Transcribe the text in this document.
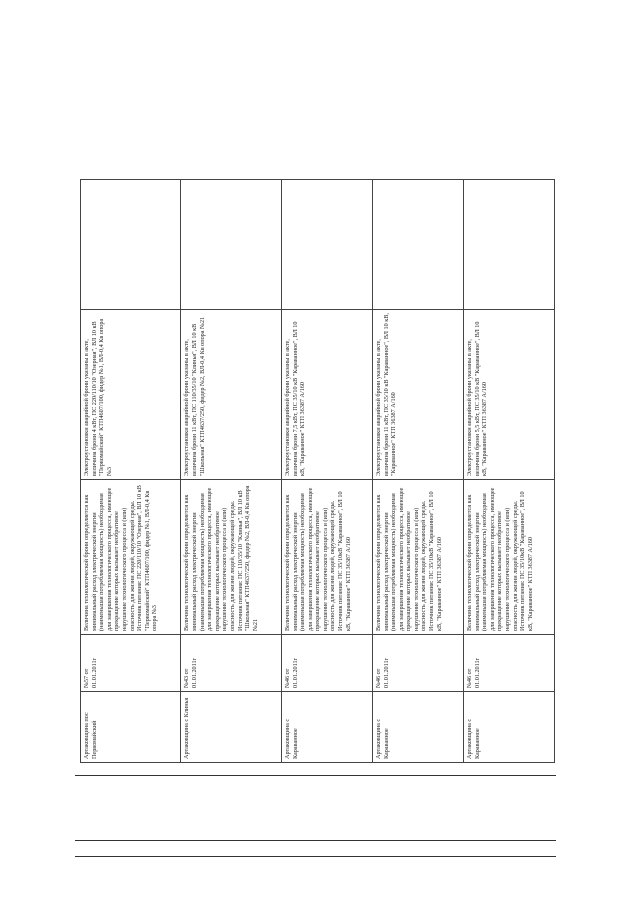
Артаковщина пос Первомайский	№57 от 01.01.2011г	Величина технологической брони определяется как минимальный расход электрической энергии (наименьшая потребляемая мощность) необходимая для завершения технологического процесса, имеющее прекращение которых вызывает необратимое нарушение технологического процесса и (или) опасность для жизни людей, окружающей среды. Источник питания: ПС 220/110/10 "Озерная", ВЛ 10 кВ "Первомайский" КТП4607/100, фидер №1, ВЛ-0,4 Кв опора №3	Электроустановки аварийной брони указаны в акте, величина брони 4 кВт, ПС 220/110/10 "Озерная", ВЛ 10 кВ "Первомайский" КТП4607/100, фидер №1, ВЛ-0,4 Кв опора №3	
Артаковщина с Клинья	№43 от 01.01.2011г	Величина технологической брони определяется как минимальный расход электрической энергии (наименьшая потребляемая мощность) необходимая для завершения технологического процесса, имеющее прекращение которых вызывает необратимое нарушение технологического процесса и (или) опасность для жизни людей, окружающей среды. Источник питания: ПС 110/35/10 "Клинья", ВЛ 10 кВ "Школьная" КТП4637/250, фидер №2, ВЛ-0,4 Кв опора №21	Электроустановки аварийной брони указаны в акте, величина брони 11 кВт, ПС 110/35/10 "Клинья", ВЛ 10 кВ "Школьная" КТП4637/250, фидер №2, ВЛ-0,4 Кв опора №21	
Артаковщина с Караванное	№46 от 01.01.2011г	Величина технологической брони определяется как минимальный расход электрической энергии (наименьшая потребляемая мощность) необходимая для завершения технологического процесса, имеющее прекращение которых вызывает необратимое нарушение технологического процесса и (или) опасность для жизни людей, окружающей среды. Источник питания: ПС 35/10кВ "Караванное", ВЛ 10 кВ, "Караванное" КТП 36387 А/160	Электроустановки аварийной брони указаны в акте, величина брони 7,5 кВт, ПС 35/10 кВ "Караванное", ВЛ 10 кВ, "Караванное" КТП 36387 А/160	
Артаковщина с Караванное	№46 от 01.01.2011г	Величина технологической брони определяется как минимальный расход электрической энергии (наименьшая потребляемая мощность) необходимая для завершения технологического процесса, имеющее прекращение которых вызывает необратимое нарушение технологического процесса и (или) опасность для жизни людей, окружающей среды. Источник питания: ПС 35/10кВ "Караванное", ВЛ 10 кВ, "Караванное" КТП 36387 А/160	Электроустановки аварийной брони указаны в акте, величина брони 11 кВт, ПС 35/10 кВ "Караванное", ВЛ 10 кВ, "Караванное" КТП 36387 А/160	
Артаковщина с Караванное	№46 от 01.01.2011г	Величина технологической брони определяется как минимальный расход электрической энергии (наименьшая потребляемая мощность) необходимая для завершения технологического процесса, имеющее прекращение которых вызывает необратимое нарушение технологического процесса и (или) опасность для жизни людей, окружающей среды. Источник питания: ПС 35/10кВ "Караванное", ВЛ 10 кВ, "Караванное" КТП 36387 А/160	Электроустановки аварийной брони указаны в акте, величина брони 5,5 кВт, ПС 35/10 кВ "Караванное", ВЛ 10 кВ, "Караванное" КТП 36387 А/160	
